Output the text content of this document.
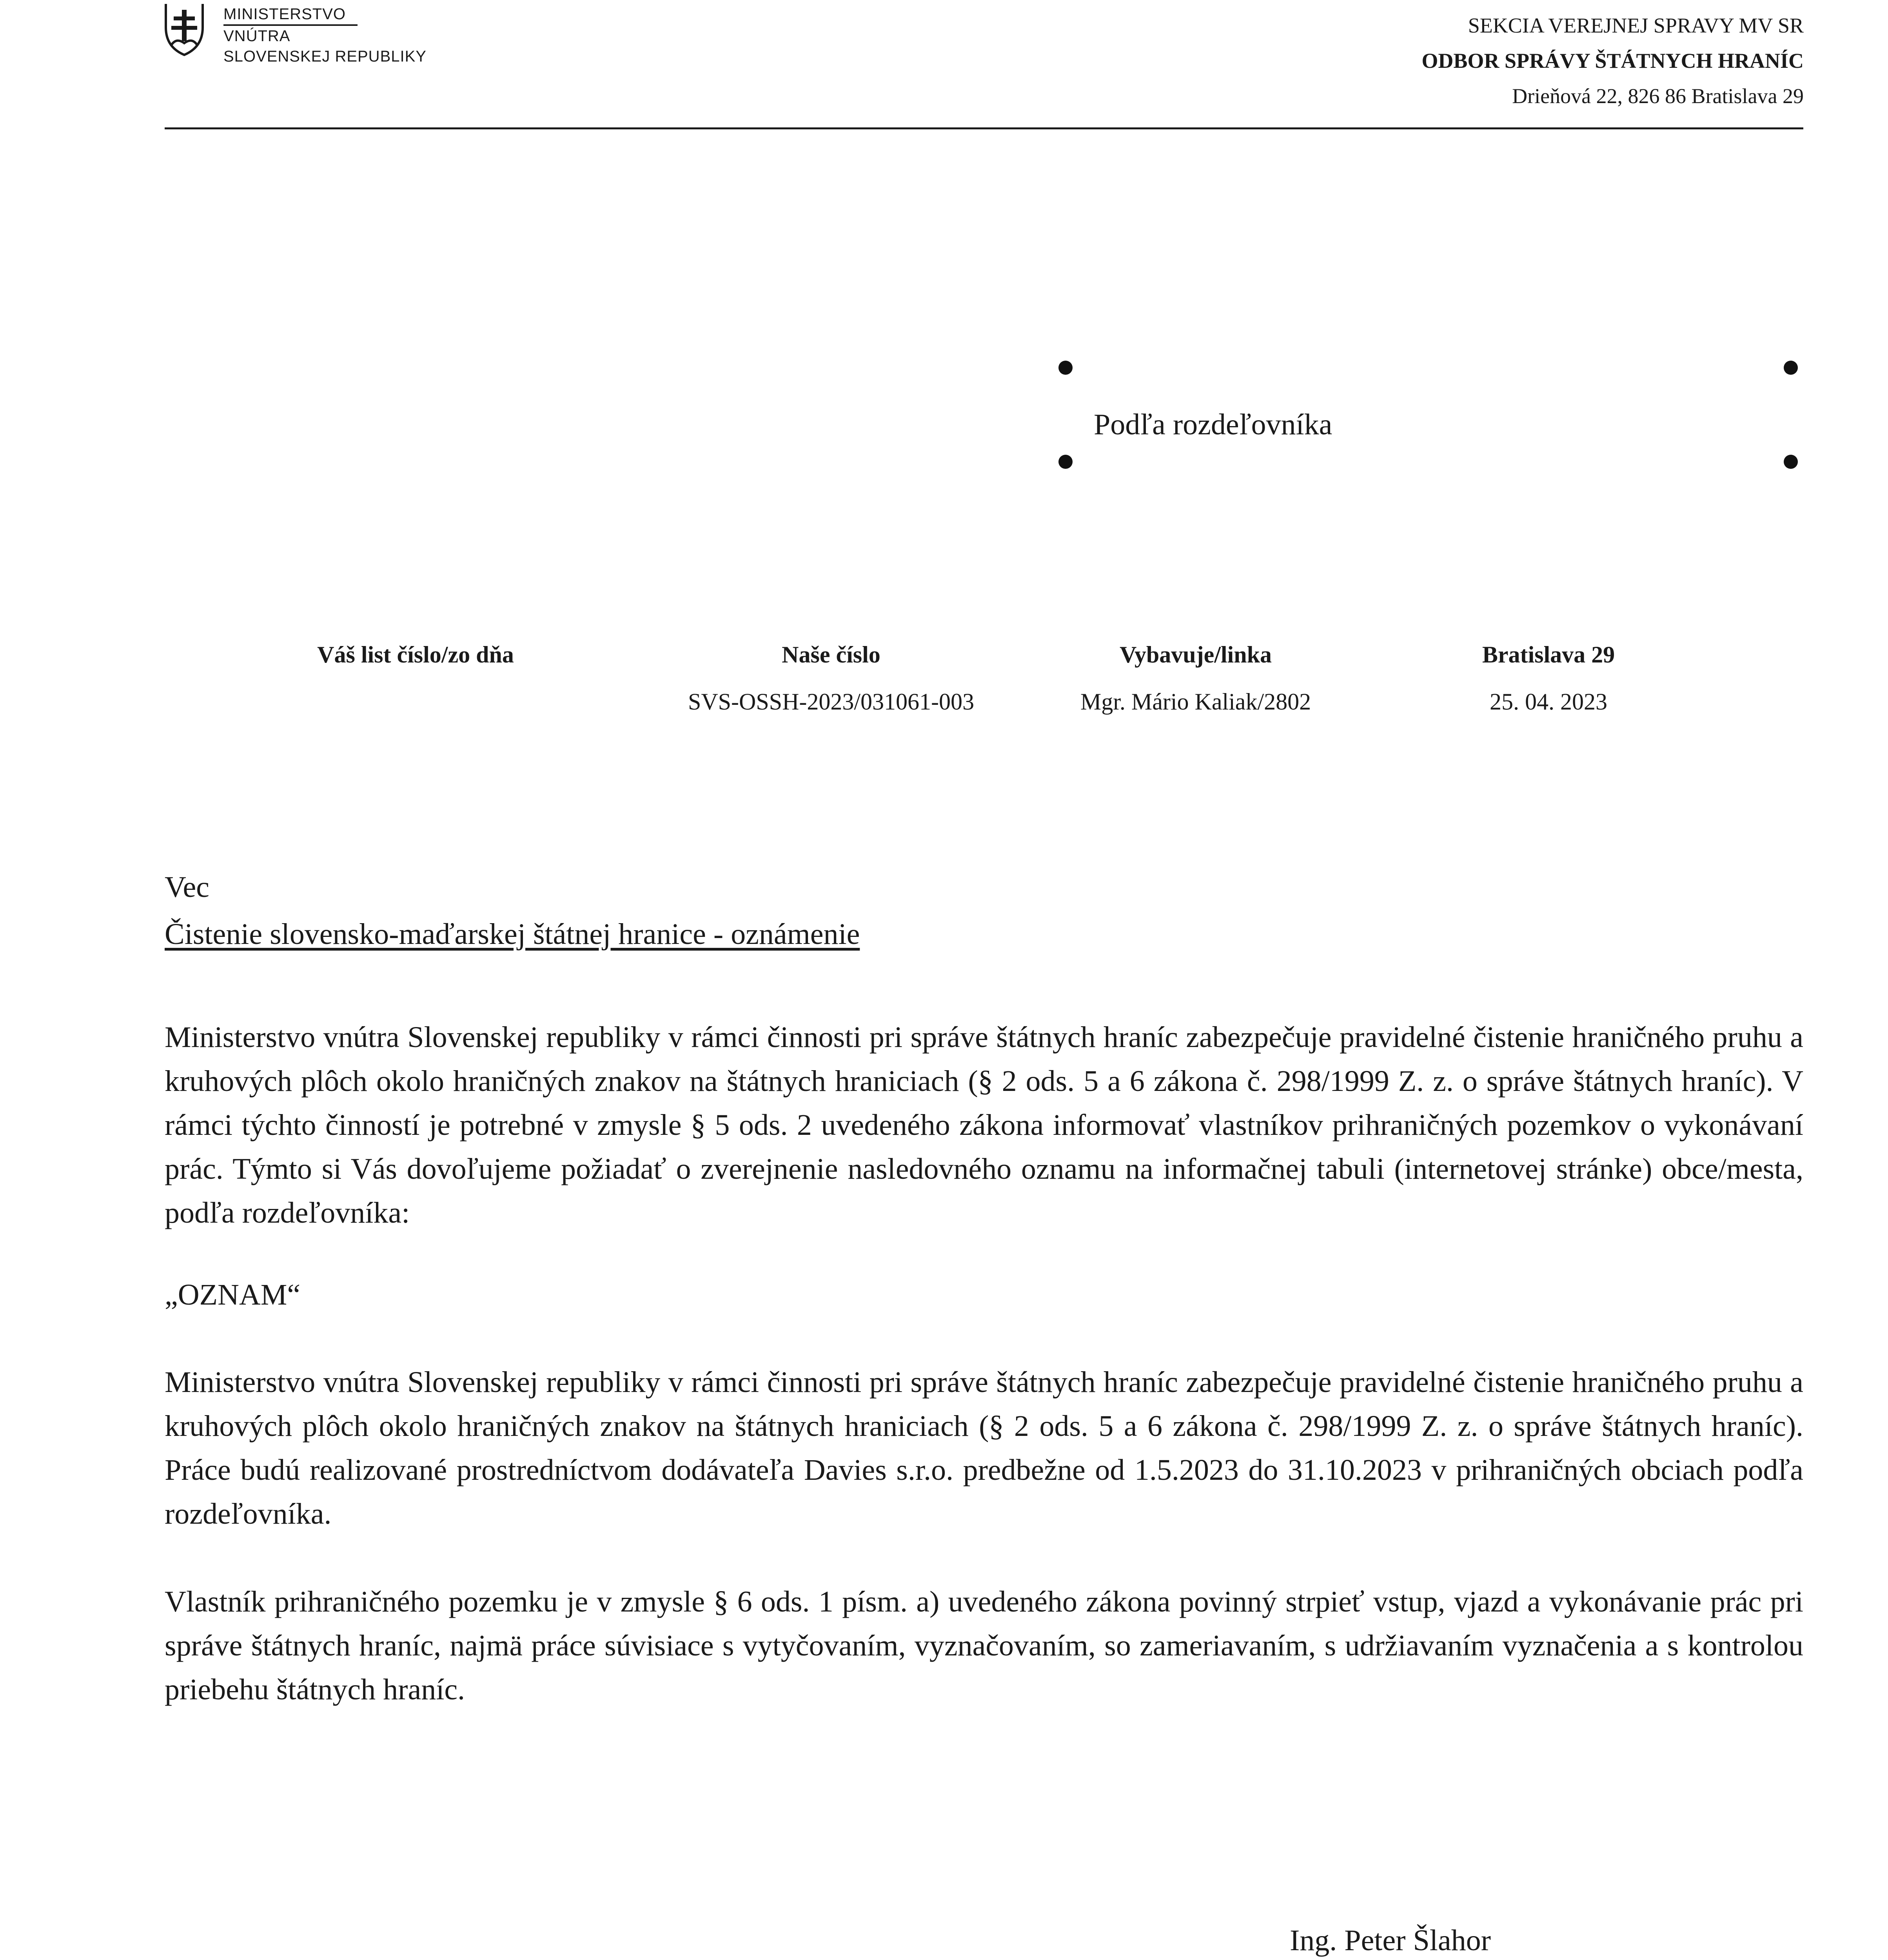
MINISTERSTVO
VNÚTRA
SLOVENSKEJ REPUBLIKY
SEKCIA VEREJNEJ SPRAVY MV SR
ODBOR SPRÁVY ŠTÁTNYCH HRANÍC
Drieňová 22, 826 86 Bratislava 29
Podľa rozdeľovníka
Váš list číslo/zo dňa	Naše číslo
SVS-OSSH-2023/031061-003
Vybavuje/linka
Mgr. Mário Kaliak/2802
Bratislava 29
25. 04. 2023
Vec
Čistenie slovensko-maďarskej štátnej hranice - oznámenie
Ministerstvo vnútra Slovenskej republiky v rámci činnosti pri správe štátnych hraníc zabezpečuje pravidelné čistenie hraničného pruhu a kruhových plôch okolo hraničných znakov na štátnych hraniciach (§ 2 ods. 5 a 6 zákona č. 298/1999 Z. z. o správe štátnych hraníc). V rámci týchto činností je potrebné v zmysle § 5 ods. 2 uvedeného zákona informovať vlastníkov prihraničných pozemkov o vykonávaní prác. Týmto si Vás dovoľujeme požiadať o zverejnenie nasledovného oznamu na informačnej tabuli (internetovej stránke) obce/mesta, podľa rozdeľovníka:
„OZNAM“
Ministerstvo vnútra Slovenskej republiky v rámci činnosti pri správe štátnych hraníc zabezpečuje pravidelné čistenie hraničného pruhu a kruhových plôch okolo hraničných znakov na štátnych hraniciach (§ 2 ods. 5 a 6 zákona č. 298/1999 Z. z. o správe štátnych hraníc). Práce budú realizované prostredníctvom dodávateľa Davies s.r.o. predbežne od 1.5.2023 do 31.10.2023 v prihraničných obciach podľa rozdeľovníka.
Vlastník prihraničného pozemku je v zmysle § 6 ods. 1 písm. a) uvedeného zákona povinný strpieť vstup, vjazd a vykonávanie prác pri správe štátnych hraníc, najmä práce súvisiace s vytyčovaním, vyznačovaním, so zameriavaním, s udržiavaním vyznačenia a s kontrolou priebehu štátnych hraníc.
Ing. Peter Šlahor
